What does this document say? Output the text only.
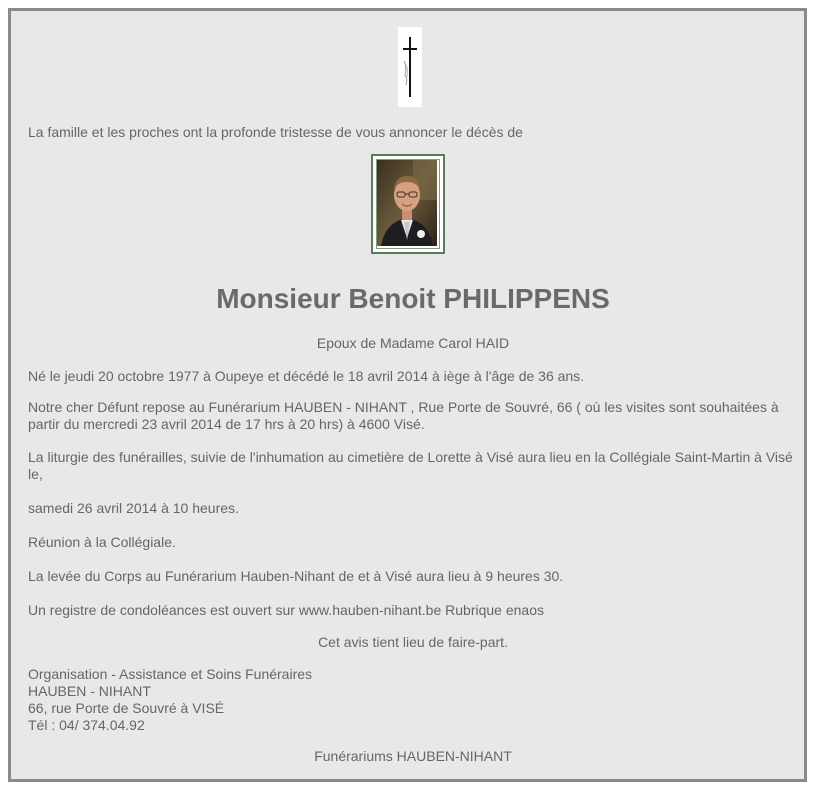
La famille et les proches ont la profonde tristesse de vous annoncer le décès de

Monsieur Benoit PHILIPPENS

Epoux de Madame Carol HAID

Né le jeudi 20 octobre 1977 à Oupeye et décédé le 18 avril 2014 à iège à l'âge de 36 ans.

Notre cher Défunt repose au Funérarium HAUBEN - NIHANT , Rue Porte de Souvré, 66 ( où les visites sont souhaitées à partir du mercredi 23 avril 2014 de 17 hrs à 20 hrs) à 4600 Visé.

La liturgie des funérailles, suivie de l'inhumation au cimetière de Lorette à Visé aura lieu en la Collégiale Saint-Martin à Visé le,

samedi 26 avril 2014 à 10 heures.

Réunion à la Collégiale.

La levée du Corps au Funérarium Hauben-Nihant de et à Visé aura lieu à 9 heures 30.

Un registre de condoléances est ouvert sur www.hauben-nihant.be Rubrique enaos

Cet avis tient lieu de faire-part.

Organisation - Assistance et Soins Funéraires
HAUBEN - NIHANT
66, rue Porte de Souvré à VISÉ
Tél : 04/ 374.04.92

Funérariums HAUBEN-NIHANT
